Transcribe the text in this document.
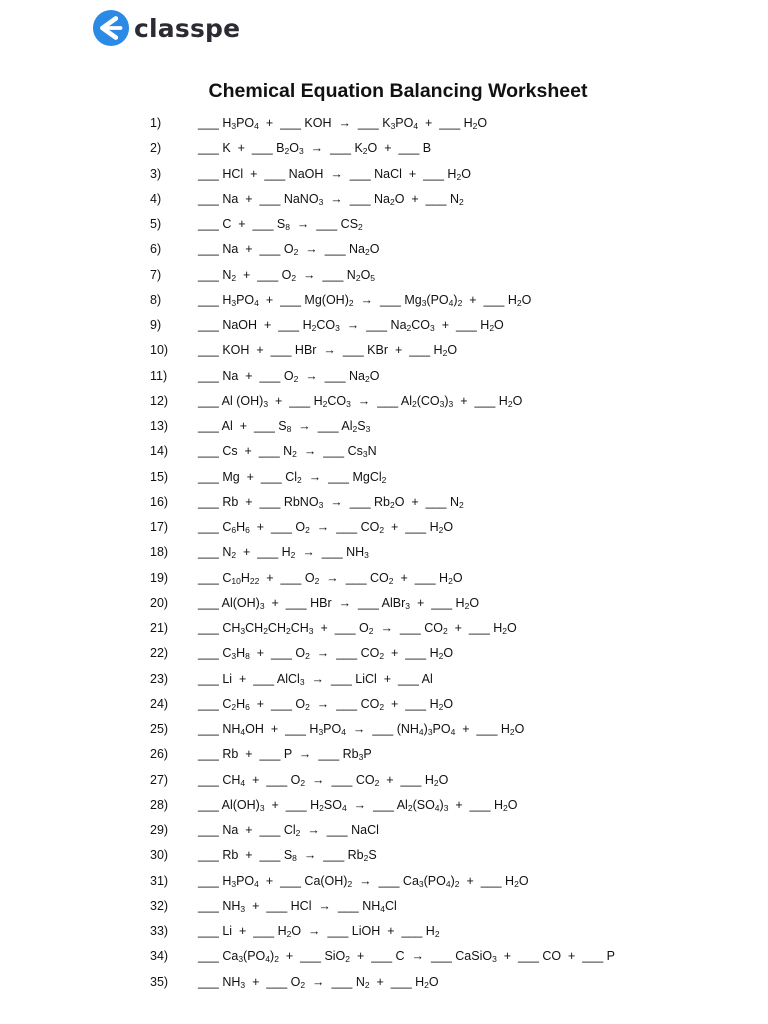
classpe
Chemical Equation Balancing Worksheet
1)	___ $H_3PO_4$  +  ___ KOH  →  ___ $K_3PO_4$  +  ___ $H_2O$
2)	___ K  +  ___ $B_2O_3$  →  ___ $K_2O$  +  ___ B
3)	___ HCl  +  ___ NaOH  →  ___ NaCl  +  ___ $H_2O$
4)	___ Na  +  ___ NaNO$_3$  →  ___ $Na_2O$  +  ___ $N_2$
5)	___ C  +  ___ $S_8$  →  ___ $CS_2$
6)	___ Na  +  ___ $O_2$  →  ___ $Na_2O$
7)	___ $N_2$  +  ___ $O_2$  →  ___ $N_2O_5$
8)	___ $H_3PO_4$  +  ___ $Mg(OH)_2$  →  ___ $Mg_3(PO_4)_2$  +  ___ $H_2O$
9)	___ NaOH  +  ___ $H_2CO_3$  →  ___ $Na_2CO_3$  +  ___ $H_2O$
10)	___ KOH  +  ___ HBr  →  ___ KBr  +  ___ $H_2O$
11)	___ Na  +  ___ $O_2$  →  ___ $Na_2O$
12)	___ Al $(OH)_3$  +  ___ $H_2CO_3$  →  ___ $Al_2(CO_3)_3$  +  ___ $H_2O$
13)	___ Al  +  ___ $S_8$  →  ___ $Al_2S_3$
14)	___ Cs  +  ___ $N_2$  →  ___ $Cs_3N$
15)	___ Mg  +  ___ $Cl_2$  →  ___ MgCl$_2$
16)	___ Rb  +  ___ RbNO$_3$  →  ___ $Rb_2O$  +  ___ $N_2$
17)	___ $C_6H_6$  +  ___ $O_2$  →  ___ $CO_2$  +  ___ $H_2O$
18)	___ $N_2$  +  ___ $H_2$  →  ___ $NH_3$
19)	___ $C_{10}H_{22}$  +  ___ $O_2$  →  ___ $CO_2$  +  ___ $H_2O$
20)	___ $Al(OH)_3$  +  ___ HBr  →  ___ AlBr$_3$  +  ___ $H_2O$
21)	___ $CH_3CH_2CH_2CH_3$  +  ___ $O_2$  →  ___ $CO_2$  +  ___ $H_2O$
22)	___ $C_3H_8$  +  ___ $O_2$  →  ___ $CO_2$  +  ___ $H_2O$
23)	___ Li  +  ___ AlCl$_3$  →  ___ LiCl  +  ___ Al
24)	___ $C_2H_6$  +  ___ $O_2$  →  ___ $CO_2$  +  ___ $H_2O$
25)	___ $NH_4OH$  +  ___ $H_3PO_4$  →  ___ $(NH_4)_3PO_4$  +  ___ $H_2O$
26)	___ Rb  +  ___ P  →  ___ $Rb_3P$
27)	___ $CH_4$  +  ___ $O_2$  →  ___ $CO_2$  +  ___ $H_2O$
28)	___ $Al(OH)_3$  +  ___ $H_2SO_4$  →  ___ $Al_2(SO_4)_3$  +  ___ $H_2O$
29)	___ Na  +  ___ $Cl_2$  →  ___ NaCl
30)	___ Rb  +  ___ $S_8$  →  ___ $Rb_2S$
31)	___ $H_3PO_4$  +  ___ $Ca(OH)_2$  →  ___ $Ca_3(PO_4)_2$  +  ___ $H_2O$
32)	___ $NH_3$  +  ___ HCl  →  ___ $NH_4Cl$
33)	___ Li  +  ___ $H_2O$  →  ___ LiOH  +  ___ $H_2$
34)	___ $Ca_3(PO_4)_2$  +  ___ SiO$_2$  +  ___ C  →  ___ CaSiO$_3$  +  ___ CO  +  ___ P
35)	___ $NH_3$  +  ___ $O_2$  →  ___ $N_2$  +  ___ $H_2O$
